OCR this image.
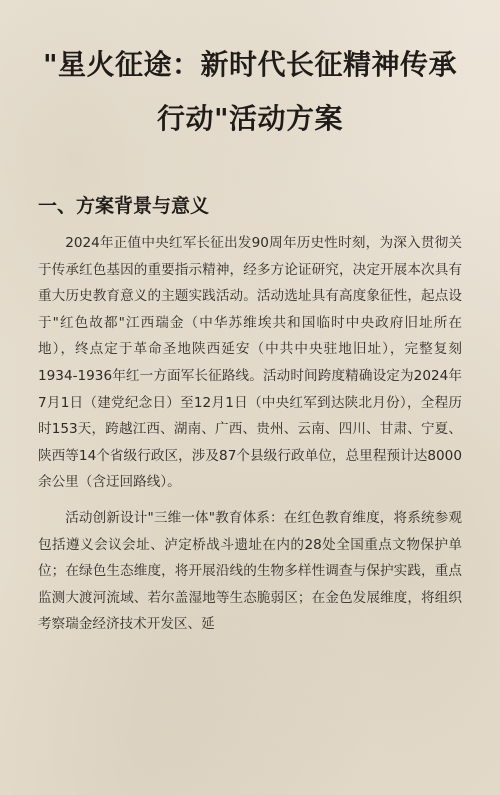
"星火征途：新时代长征精神传承行动"活动方案
一、方案背景与意义

2024年正值中央红军长征出发90周年历史性时刻，为深入贯彻关于传承红色基因的重要指示精神，经多方论证研究，决定开展本次具有重大历史教育意义的主题实践活动。活动选址具有高度象征性，起点设于"红色故都"江西瑞金（中华苏维埃共和国临时中央政府旧址所在地），终点定于革命圣地陕西延安（中共中央驻地旧址），完整复刻1934-1936年红一方面军长征路线。活动时间跨度精确设定为2024年7月1日（建党纪念日）至12月1日（中央红军到达陕北月份），全程历时153天，跨越江西、湖南、广西、贵州、云南、四川、甘肃、宁夏、陕西等14个省级行政区，涉及87个县级行政单位，总里程预计达8000余公里（含迂回路线）。

活动创新设计"三维一体"教育体系：在红色教育维度，将系统参观包括遵义会议会址、泸定桥战斗遗址在内的28处全国重点文物保护单位；在绿色生态维度，将开展沿线的生物多样性调查与保护实践，重点监测大渡河流域、若尔盖湿地等生态脆弱区；在金色发展维度，将组织考察瑞金经济技术开发区、延
